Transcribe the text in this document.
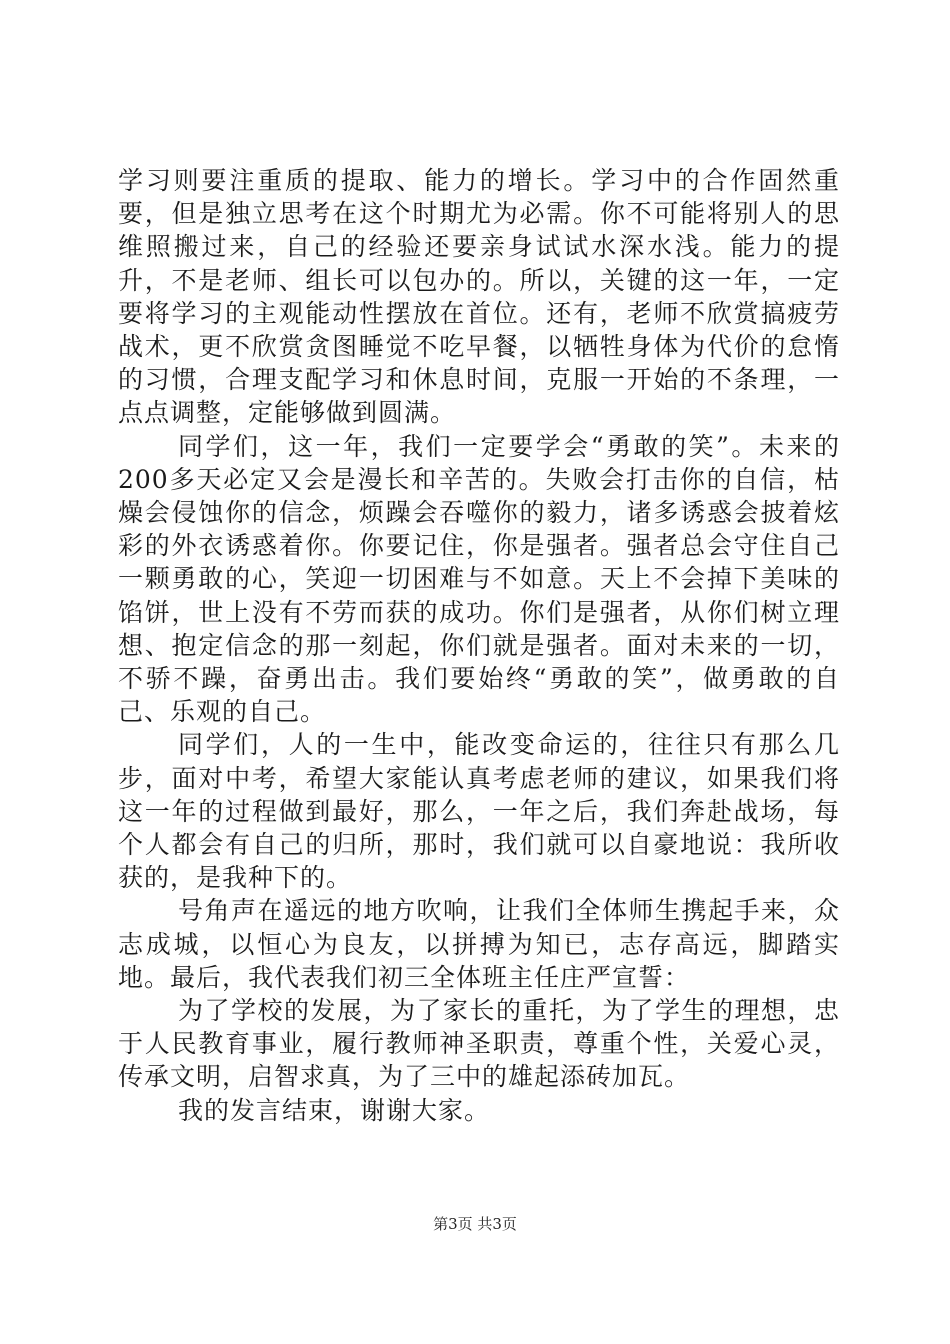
学习则要注重质的提取、能力的增长。学习中的合作固然重要，但是独立思考在这个时期尤为必需。你不可能将别人的思维照搬过来，自己的经验还要亲身试试水深水浅。能力的提升，不是老师、组长可以包办的。所以，关键的这一年，一定要将学习的主观能动性摆放在首位。还有，老师不欣赏搞疲劳战术，更不欣赏贪图睡觉不吃早餐，以牺牲身体为代价的怠惰的习惯，合理支配学习和休息时间，克服一开始的不条理，一点点调整，定能够做到圆满。

同学们，这一年，我们一定要学会“勇敢的笑”。未来的200多天必定又会是漫长和辛苦的。失败会打击你的自信，枯燥会侵蚀你的信念，烦躁会吞噬你的毅力，诸多诱惑会披着炫彩的外衣诱惑着你。你要记住，你是强者。强者总会守住自己一颗勇敢的心，笑迎一切困难与不如意。天上不会掉下美味的馅饼，世上没有不劳而获的成功。你们是强者，从你们树立理想、抱定信念的那一刻起，你们就是强者。面对未来的一切，不骄不躁，奋勇出击。我们要始终“勇敢的笑”，做勇敢的自己、乐观的自己。

同学们，人的一生中，能改变命运的，往往只有那么几步，面对中考，希望大家能认真考虑老师的建议，如果我们将这一年的过程做到最好，那么，一年之后，我们奔赴战场，每个人都会有自己的归所，那时，我们就可以自豪地说：我所收获的，是我种下的。

号角声在遥远的地方吹响，让我们全体师生携起手来，众志成城，以恒心为良友，以拼搏为知已，志存高远，脚踏实地。最后，我代表我们初三全体班主任庄严宣誓：

为了学校的发展，为了家长的重托，为了学生的理想，忠于人民教育事业，履行教师神圣职责，尊重个性，关爱心灵，传承文明，启智求真，为了三中的雄起添砖加瓦。

我的发言结束，谢谢大家。

第3页 共3页
